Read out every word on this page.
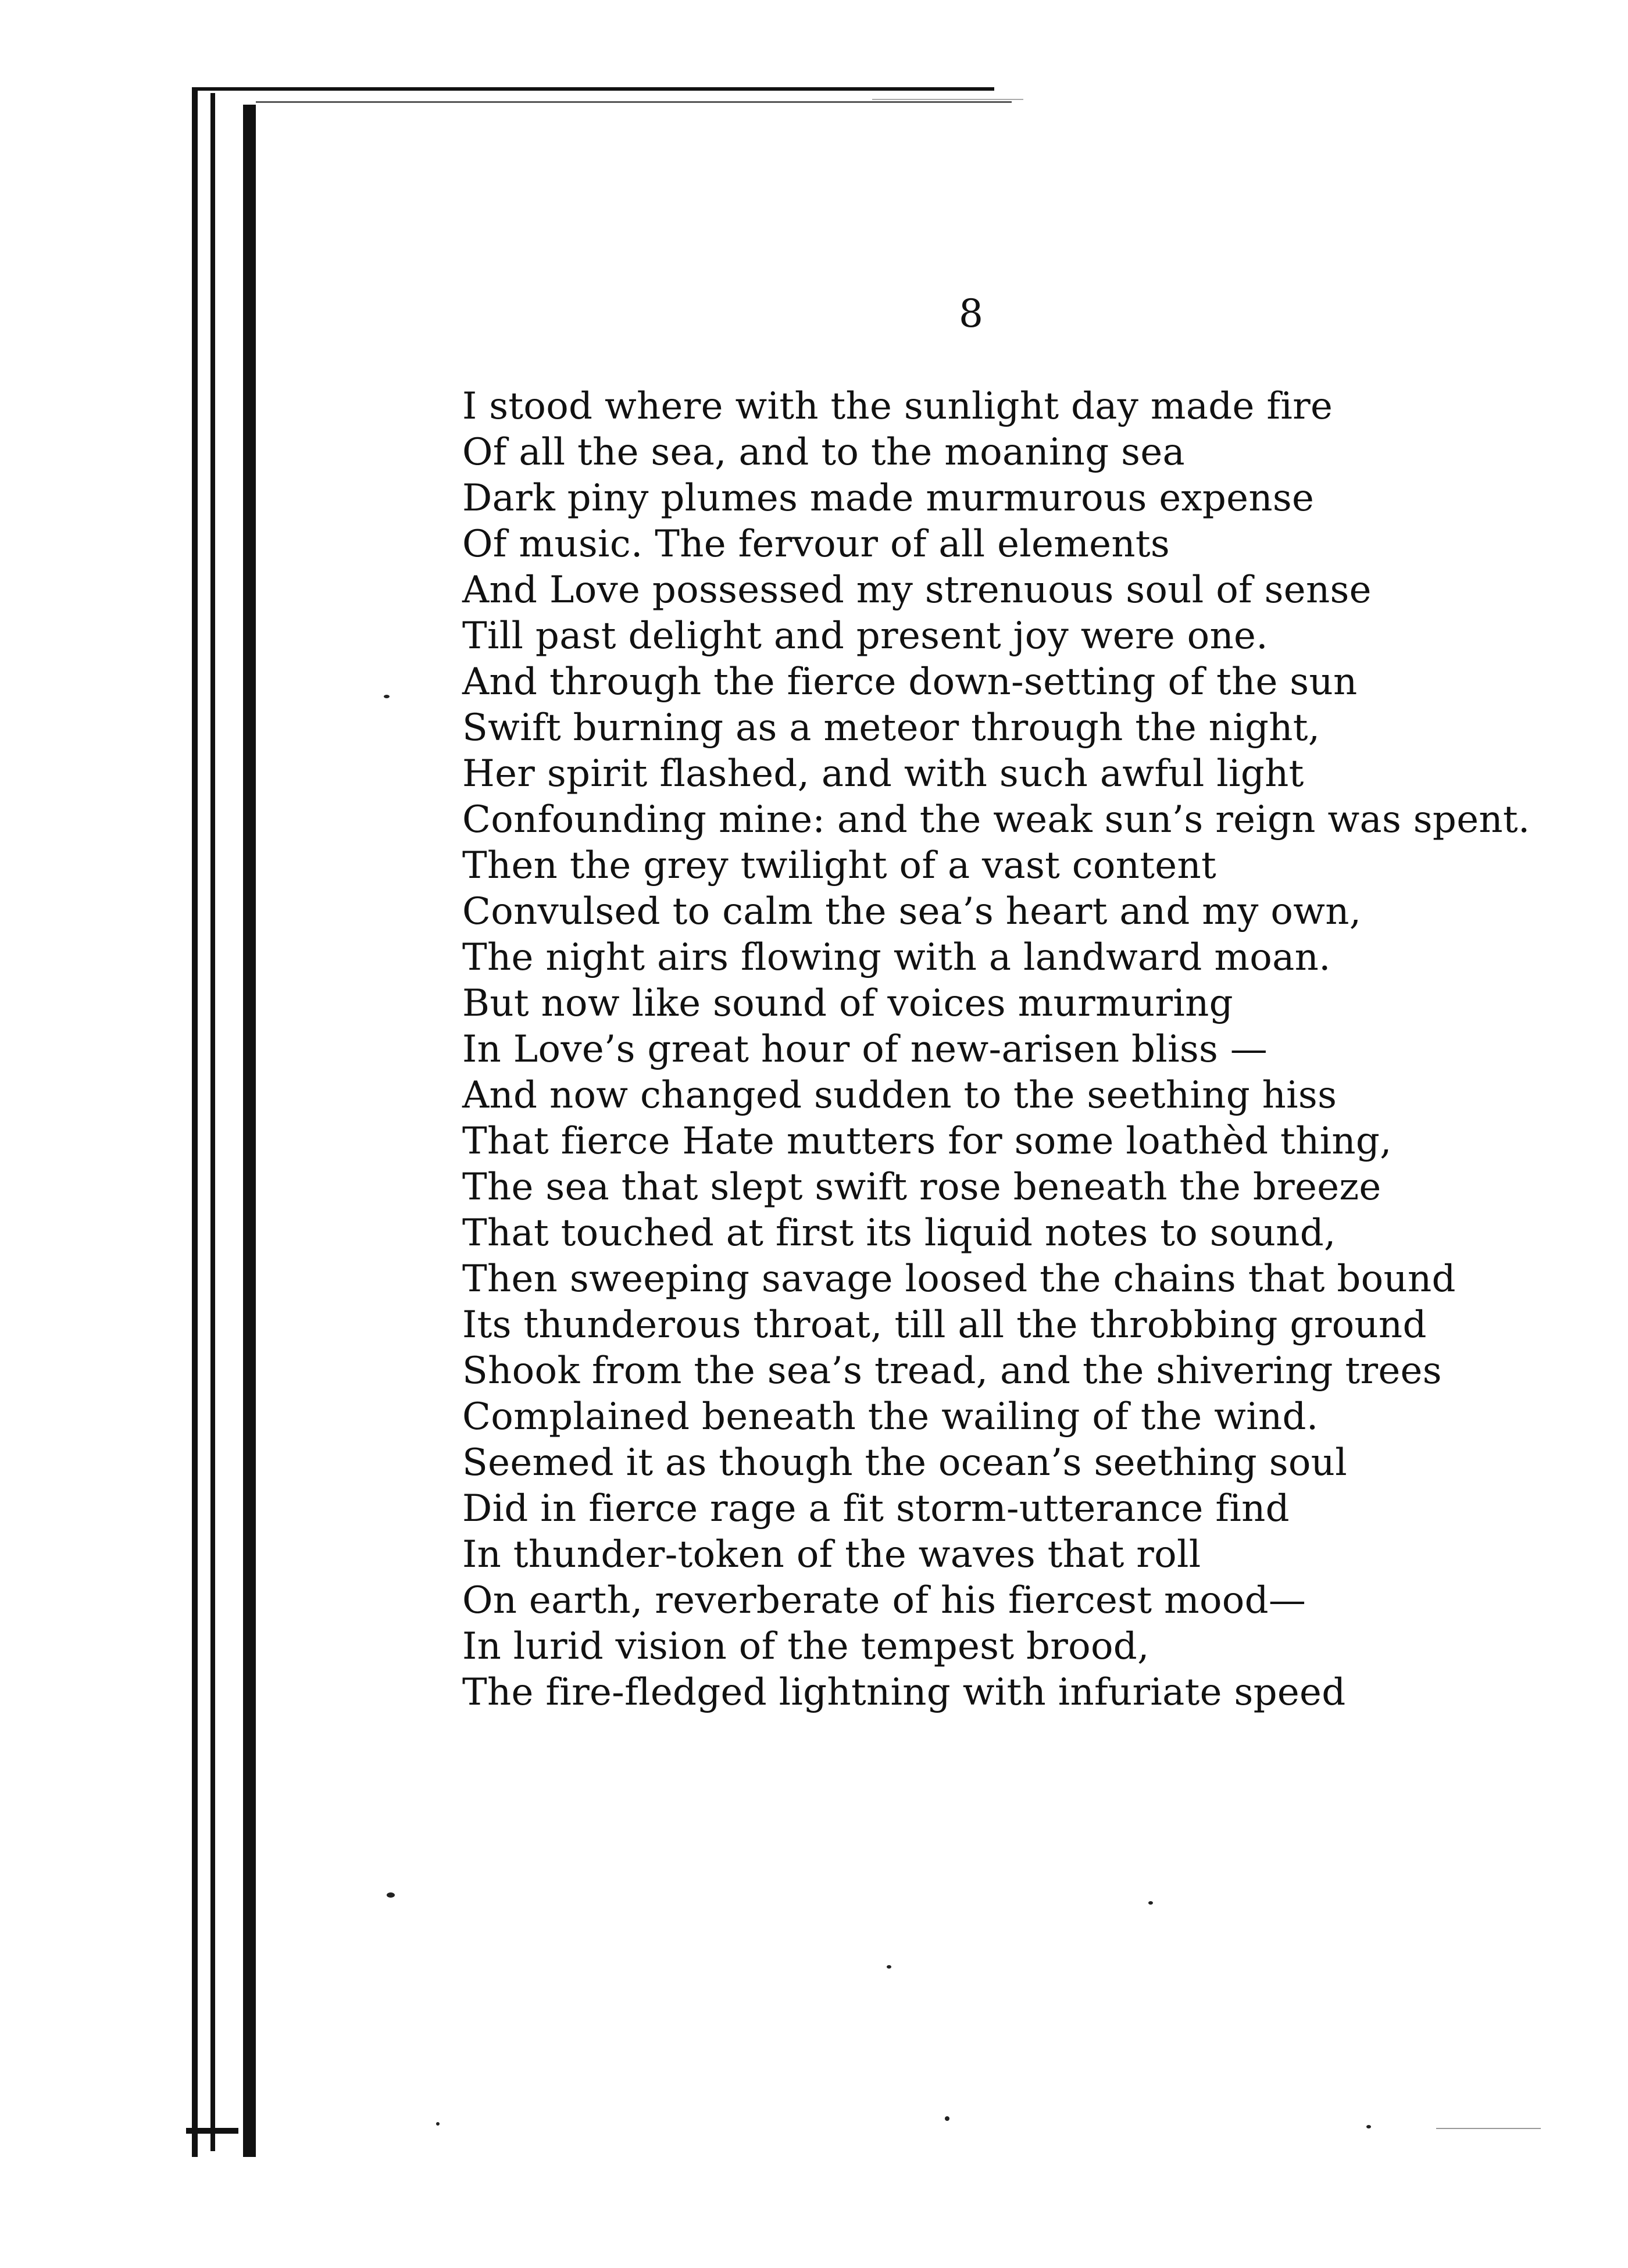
8
I stood where with the sunlight day made fire
Of all the sea, and to the moaning sea
Dark piny plumes made murmurous expense
Of music. The fervour of all elements
And Love possessed my strenuous soul of sense
Till past delight and present joy were one.
And through the fierce down-setting of the sun
Swift burning as a meteor through the night,
Her spirit flashed, and with such awful light
Confounding mine: and the weak sun’s reign was spent.
Then the grey twilight of a vast content
Convulsed to calm the sea’s heart and my own,
The night airs flowing with a landward moan.
But now like sound of voices murmuring
In Love’s great hour of new-arisen bliss —
And now changed sudden to the seething hiss
That fierce Hate mutters for some loathèd thing,
The sea that slept swift rose beneath the breeze
That touched at first its liquid notes to sound,
Then sweeping savage loosed the chains that bound
Its thunderous throat, till all the throbbing ground
Shook from the sea’s tread, and the shivering trees
Complained beneath the wailing of the wind.
Seemed it as though the ocean’s seething soul
Did in fierce rage a fit storm-utterance find
In thunder-token of the waves that roll
On earth, reverberate of his fiercest mood—
In lurid vision of the tempest brood,
The fire-fledged lightning with infuriate speed
